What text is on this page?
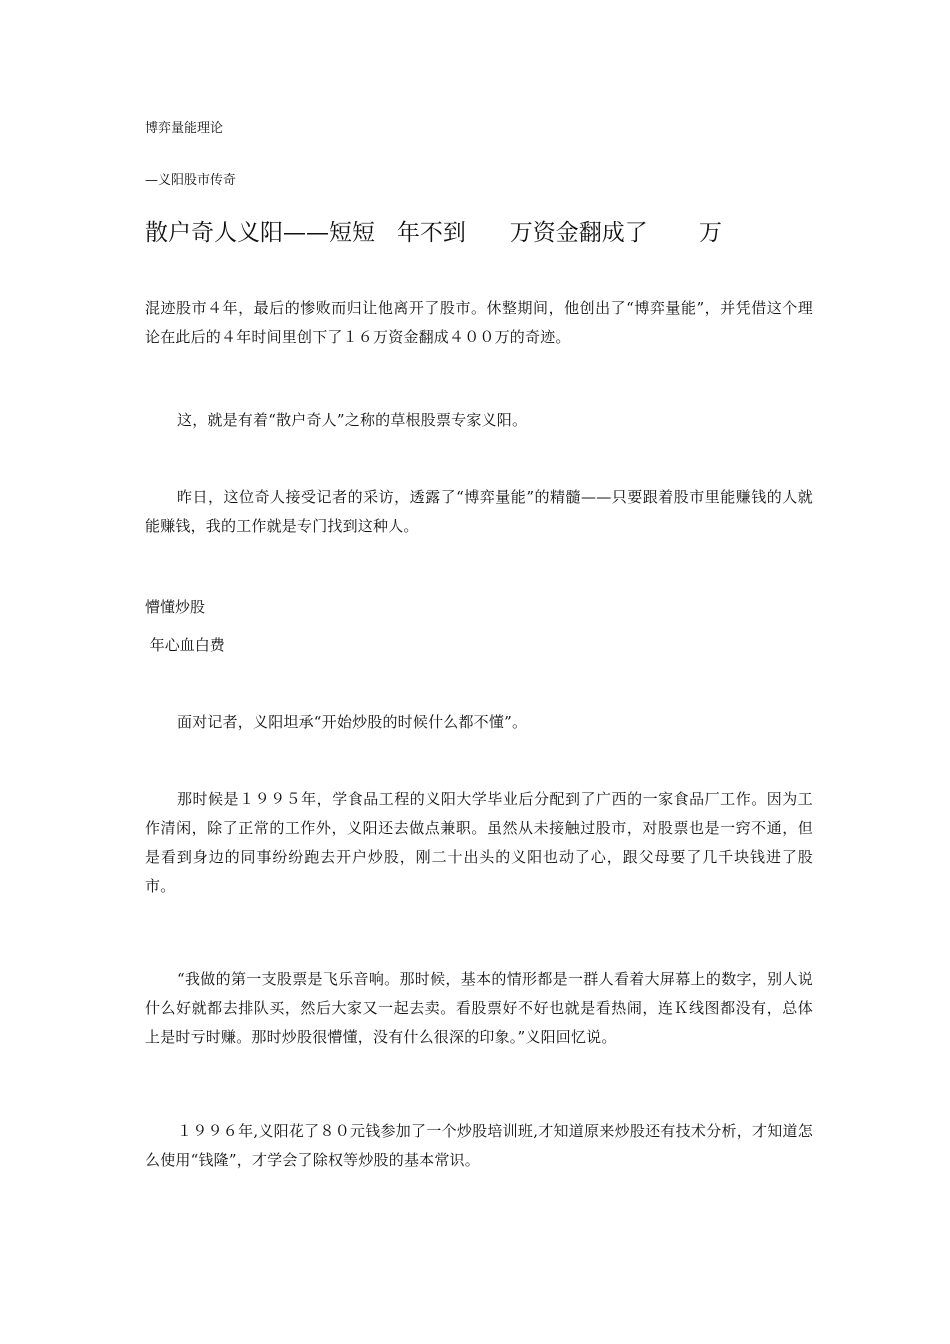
博弈量能理论
—义阳股市传奇
散户奇人义阳——短短   年不到      万资金翻成了       万

混迹股市４年，最后的惨败而归让他离开了股市。休整期间，他创出了“博弈量能”，并凭借这个理论在此后的４年时间里创下了１６万资金翻成４００万的奇迹。

这，就是有着“散户奇人”之称的草根股票专家义阳。

昨日，这位奇人接受记者的采访，透露了“博弈量能”的精髓——只要跟着股市里能赚钱的人就能赚钱，我的工作就是专门找到这种人。

懵懂炒股
年心血白费

面对记者，义阳坦承“开始炒股的时候什么都不懂”。

那时候是１９９５年，学食品工程的义阳大学毕业后分配到了广西的一家食品厂工作。因为工作清闲，除了正常的工作外，义阳还去做点兼职。虽然从未接触过股市，对股票也是一窍不通，但是看到身边的同事纷纷跑去开户炒股，刚二十出头的义阳也动了心，跟父母要了几千块钱进了股市。

“我做的第一支股票是飞乐音响。那时候，基本的情形都是一群人看着大屏幕上的数字，别人说什么好就都去排队买，然后大家又一起去卖。看股票好不好也就是看热闹，连Ｋ线图都没有，总体上是时亏时赚。那时炒股很懵懂，没有什么很深的印象。”义阳回忆说。

１９９６年,义阳花了８０元钱参加了一个炒股培训班,才知道原来炒股还有技术分析，才知道怎么使用“钱隆”，才学会了除权等炒股的基本常识。
